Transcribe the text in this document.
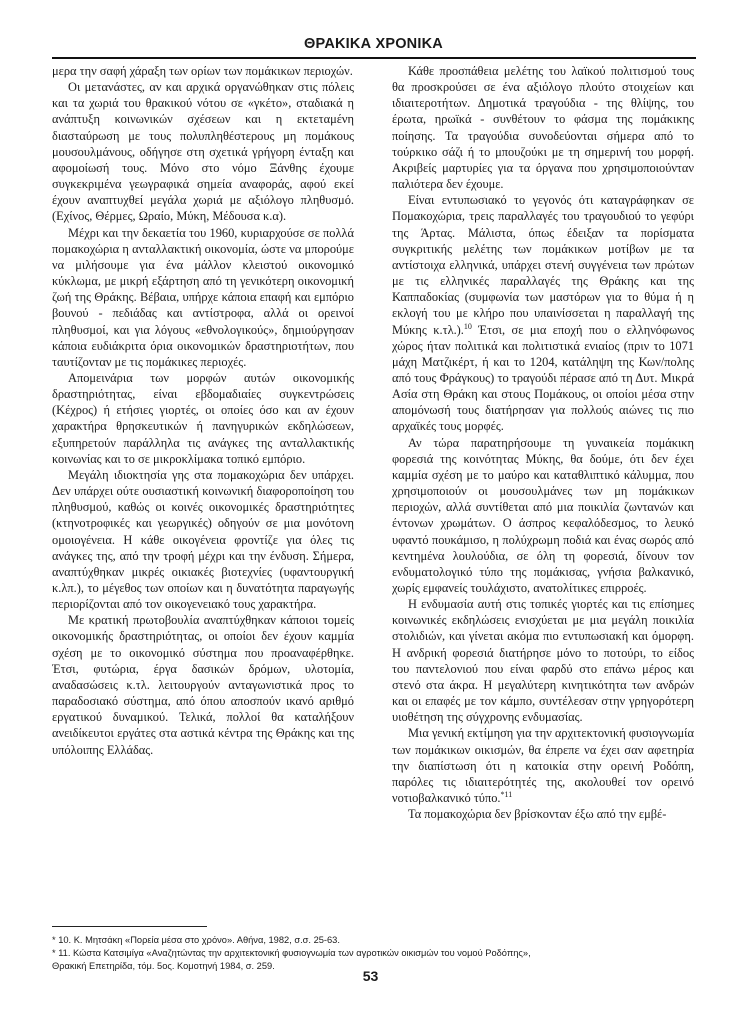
ΘΡΑΚΙΚΑ ΧΡΟΝΙΚΑ

μερα την σαφή χάραξη των ορίων των πομάκικων περιοχών.

Οι μετανάστες, αν και αρχικά οργανώθηκαν στις πόλεις και τα χωριά του θρακικού νότου σε «γκέτο», σταδιακά η ανάπτυξη κοινωνικών σχέσεων και η εκτεταμένη διασταύρωση με τους πολυπληθέστερους μη πομάκους μουσουλμάνους, οδήγησε στη σχετικά γρήγορη ένταξη και αφομοίωσή τους. Μόνο στο νόμο Ξάνθης έχουμε συγκεκριμένα γεωγραφικά σημεία αναφοράς, αφού εκεί έχουν αναπτυχθεί μεγάλα χωριά με αξιόλογο πληθυσμό. (Εχίνος, Θέρμες, Ωραίο, Μύκη, Μέδουσα κ.α).

Μέχρι και την δεκαετία του 1960, κυριαρχούσε σε πολλά πομακοχώρια η ανταλλακτική οικονομία, ώστε να μπορούμε να μιλήσουμε για ένα μάλλον κλειστού οικονομικό κύκλωμα, με μικρή εξάρτηση από τη γενικότερη οικονομική ζωή της Θράκης. Βέβαια, υπήρχε κάποια επαφή και εμπόριο βουνού - πεδιάδας και αντίστροφα, αλλά οι ορεινοί πληθυσμοί, και για λόγους «εθνολογικούς», δημιούργησαν κάποια ευδιάκριτα όρια οικονομικών δραστηριοτήτων, που ταυτίζονταν με τις πομάκικες περιοχές.

Απομεινάρια των μορφών αυτών οικονομικής δραστηριότητας, είναι εβδομαδιαίες συγκεντρώσεις (Κέχρος) ή ετήσιες γιορτές, οι οποίες όσο και αν έχουν χαρακτήρα θρησκευτικών ή πανηγυρικών εκδηλώσεων, εξυπηρετούν παράλληλα τις ανάγκες της ανταλλακτικής κοινωνίας και το σε μικροκλίμακα τοπικό εμπόριο.

Μεγάλη ιδιοκτησία γης στα πομακοχώρια δεν υπάρχει. Δεν υπάρχει ούτε ουσιαστική κοινωνική διαφοροποίηση του πληθυσμού, καθώς οι κοινές οικονομικές δραστηριότητες (κτηνοτροφικές και γεωργικές) οδηγούν σε μια μονότονη ομοιογένεια. Η κάθε οικογένεια φροντίζε για όλες τις ανάγκες της, από την τροφή μέχρι και την ένδυση. Σήμερα, αναπτύχθηκαν μικρές οικιακές βιοτεχνίες (υφαντουργική κ.λπ.), το μέγεθος των οποίων και η δυνατότητα παραγωγής περιορίζονται από τον οικογενειακό τους χαρακτήρα.

Με κρατική πρωτοβουλία αναπτύχθηκαν κάποιοι τομείς οικονομικής δραστηριότητας, οι οποίοι δεν έχουν καμμία σχέση με το οικονομικό σύστημα που προαναφέρθηκε. Έτσι, φυτώρια, έργα δασικών δρόμων, υλοτομία, αναδασώσεις κ.τλ. λειτουργούν ανταγωνιστικά προς το παραδοσιακό σύστημα, από όπου αποσπούν ικανό αριθμό εργατικού δυναμικού. Τελικά, πολλοί θα καταλήξουν ανειδίκευτοι εργάτες στα αστικά κέντρα της Θράκης και της υπόλοιπης Ελλάδας.

Κάθε προσπάθεια μελέτης του λαϊκού πολιτισμού τους θα προσκρούσει σε ένα αξιόλογο πλούτο στοιχείων και ιδιαιτεροτήτων. Δημοτικά τραγούδια - της θλίψης, του έρωτα, ηρωϊκά - συνθέτουν το φάσμα της πομάκικης ποίησης. Τα τραγούδια συνοδεύονται σήμερα από το τούρκικο σάζι ή το μπουζούκι με τη σημερινή του μορφή. Ακριβείς μαρτυρίες για τα όργανα που χρησιμοποιούνταν παλιότερα δεν έχουμε.

Είναι εντυπωσιακό το γεγονός ότι καταγράφηκαν σε Πομακοχώρια, τρεις παραλλαγές του τραγουδιού το γεφύρι της Άρτας. Μάλιστα, όπως έδειξαν τα πορίσματα συγκριτικής μελέτης των πομάκικων μοτίβων με τα αντίστοιχα ελληνικά, υπάρχει στενή συγγένεια των πρώτων με τις ελληνικές παραλλαγές της Θράκης και της Καππαδοκίας (συμφωνία των μαστόρων για το θύμα ή η εκλογή του με κλήρο που υπαινίσσεται η παραλλαγή της Μύκης κ.τλ.).$^{10}$ Έτσι, σε μια εποχή που ο ελληνόφωνος χώρος ήταν πολιτικά και πολιτιστικά ενιαίος (πριν το 1071 μάχη Ματζικέρτ, ή και το 1204, κατάληψη της Κων/πολης από τους Φράγκους) το τραγούδι πέρασε από τη Δυτ. Μικρά Ασία στη Θράκη και στους Πομάκους, οι οποίοι μέσα στην απομόνωσή τους διατήρησαν για πολλούς αιώνες τις πιο αρχαϊκές τους μορφές.

Αν τώρα παρατηρήσουμε τη γυναικεία πομάκικη φορεσιά της κοινότητας Μύκης, θα δούμε, ότι δεν έχει καμμία σχέση με το μαύρο και καταθλιπτικό κάλυμμα, που χρησιμοποιούν οι μουσουλμάνες των μη πομάκικων περιοχών, αλλά συντίθεται από μια ποικιλία ζωντανών και έντονων χρωμάτων. Ο άσπρος κεφαλόδεσμος, το λευκό υφαντό πουκάμισο, η πολύχρωμη ποδιά και ένας σωρός από κεντημένα λουλούδια, σε όλη τη φορεσιά, δίνουν τον ενδυματολογικό τύπο της πομάκισας, γνήσια βαλκανικό, χωρίς εμφανείς τουλάχιστο, ανατολίτικες επιρροές.

Η ενδυμασία αυτή στις τοπικές γιορτές και τις επίσημες κοινωνικές εκδηλώσεις ενισχύεται με μια μεγάλη ποικιλία στολιδιών, και γίνεται ακόμα πιο εντυπωσιακή και όμορφη. Η ανδρική φορεσιά διατήρησε μόνο το ποτούρι, το είδος του παντελονιού που είναι φαρδύ στο επάνω μέρος και στενό στα άκρα. Η μεγαλύτερη κινητικότητα των ανδρών και οι επαφές με τον κάμπο, συντέλεσαν στην γρηγορότερη υιοθέτηση της σύγχρονης ενδυμασίας.

Μια γενική εκτίμηση για την αρχιτεκτονική φυσιογνωμία των πομάκικων οικισμών, θα έπρεπε να έχει σαν αφετηρία την διαπίστωση ότι η κατοικία στην ορεινή Ροδόπη, παρόλες τις ιδιαιτερότητές της, ακολουθεί τον ορεινό νοτιοβαλκανικό τύπο.$^{*11}$

Τα πομακοχώρια δεν βρίσκονταν έξω από την εμβέ-

* 10. Κ. Μητσάκη «Πορεία μέσα στο χρόνο». Αθήνα, 1982, σ.σ. 25-63.

* 11. Κώστα Κατσιμίγα «Αναζητώντας την αρχιτεκτονική φυσιογνωμία των αγροτικών οικισμών του νομού Ροδόπης»,

Θρακική Επετηρίδα, τόμ. 5ος. Κομοτηνή 1984, σ. 259.

53
